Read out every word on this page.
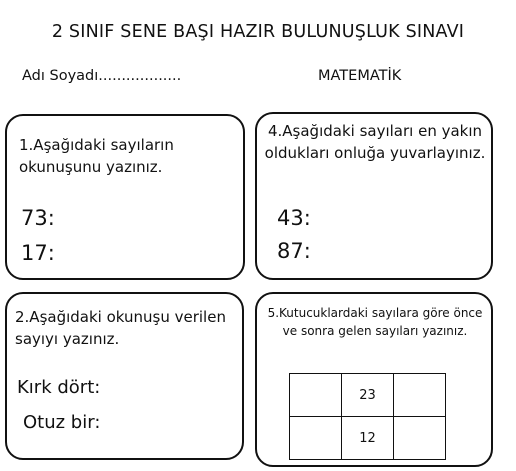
2 SINIF SENE BAŞI HAZIR BULUNUŞLUK SINAVI
Adı Soyadı..................	MATEMATİK
1.Aşağıdaki sayıların okunuşunu yazınız.
73:
17:
4.Aşağıdaki sayıları en yakın oldukları onluğa yuvarlayınız.
43:
87:
2.Aşağıdaki okunuşu verilen sayıyı yazınız.
Kırk dört:
Otuz bir:
5.Kutucuklardaki sayılara göre önce ve sonra gelen sayıları yazınız.
	23	
	12	
